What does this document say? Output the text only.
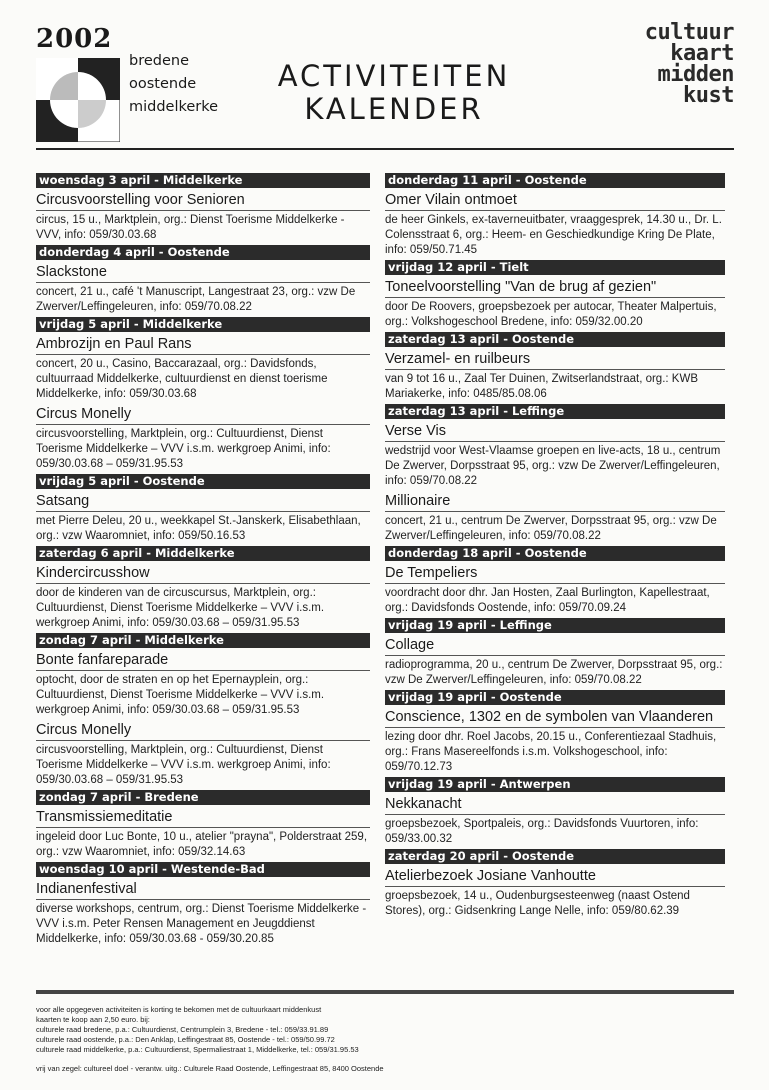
2002
bredene
oostende
middelkerke
ACTIVITEITEN
KALENDER
cultuur
kaart
midden
kust
woensdag 3 april - Middelkerke
Circusvoorstelling voor Senioren
circus, 15 u., Marktplein, org.: Dienst Toerisme Middelkerke - VVV, info: 059/30.03.68
donderdag 4 april - Oostende
Slackstone
concert, 21 u., café 't Manuscript, Langestraat 23, org.: vzw De Zwerver/Leffingeleuren, info: 059/70.08.22
vrijdag 5 april - Middelkerke
Ambrozijn en Paul Rans
concert, 20 u., Casino, Baccarazaal, org.: Davidsfonds, cultuurraad Middelkerke, cultuurdienst en dienst toerisme Middelkerke, info: 059/30.03.68
Circus Monelly
circusvoorstelling, Marktplein, org.: Cultuurdienst, Dienst Toerisme Middelkerke – VVV i.s.m. werkgroep Animi, info: 059/30.03.68 – 059/31.95.53
vrijdag 5 april - Oostende
Satsang
met Pierre Deleu, 20 u., weekkapel St.-Janskerk, Elisabethlaan, org.: vzw Waaromniet, info: 059/50.16.53
zaterdag 6 april - Middelkerke
Kindercircusshow
door de kinderen van de circuscursus, Marktplein, org.: Cultuurdienst, Dienst Toerisme Middelkerke – VVV i.s.m. werkgroep Animi, info: 059/30.03.68 – 059/31.95.53
zondag 7 april - Middelkerke
Bonte fanfareparade
optocht, door de straten en op het Epernayplein, org.: Cultuurdienst, Dienst Toerisme Middelkerke – VVV i.s.m. werkgroep Animi, info: 059/30.03.68 – 059/31.95.53
Circus Monelly
circusvoorstelling, Marktplein, org.: Cultuurdienst, Dienst Toerisme Middelkerke – VVV i.s.m. werkgroep Animi, info: 059/30.03.68 – 059/31.95.53
zondag 7 april - Bredene
Transmissiemeditatie
ingeleid door Luc Bonte, 10 u., atelier "prayna", Polderstraat 259, org.: vzw Waaromniet, info: 059/32.14.63
woensdag 10 april - Westende-Bad
Indianenfestival
diverse workshops, centrum, org.: Dienst Toerisme Middelkerke - VVV i.s.m. Peter Rensen Management en Jeugddienst Middelkerke, info: 059/30.03.68 - 059/30.20.85
donderdag 11 april - Oostende
Omer Vilain ontmoet
de heer Ginkels, ex-taverneuitbater, vraaggesprek, 14.30 u., Dr. L. Colensstraat 6, org.: Heem- en Geschiedkundige Kring De Plate, info: 059/50.71.45
vrijdag 12 april - Tielt
Toneelvoorstelling "Van de brug af gezien"
door De Roovers, groepsbezoek per autocar, Theater Malpertuis, org.: Volkshogeschool Bredene, info: 059/32.00.20
zaterdag 13 april - Oostende
Verzamel- en ruilbeurs
van 9 tot 16 u., Zaal Ter Duinen, Zwitserlandstraat, org.: KWB Mariakerke, info: 0485/85.08.06
zaterdag 13 april - Leffinge
Verse Vis
wedstrijd voor West-Vlaamse groepen en live-acts, 18 u., centrum De Zwerver, Dorpsstraat 95, org.: vzw De Zwerver/Leffingeleuren, info: 059/70.08.22
Millionaire
concert, 21 u., centrum De Zwerver, Dorpsstraat 95, org.: vzw De Zwerver/Leffingeleuren, info: 059/70.08.22
donderdag 18 april - Oostende
De Tempeliers
voordracht door dhr. Jan Hosten, Zaal Burlington, Kapellestraat, org.: Davidsfonds Oostende, info: 059/70.09.24
vrijdag 19 april - Leffinge
Collage
radioprogramma, 20 u., centrum De Zwerver, Dorpsstraat 95, org.: vzw De Zwerver/Leffingeleuren, info: 059/70.08.22
vrijdag 19 april - Oostende
Conscience, 1302 en de symbolen van Vlaanderen
lezing door dhr. Roel Jacobs, 20.15 u., Conferentiezaal Stadhuis, org.: Frans Masereelfonds i.s.m. Volkshogeschool, info: 059/70.12.73
vrijdag 19 april - Antwerpen
Nekkanacht
groepsbezoek, Sportpaleis, org.: Davidsfonds Vuurtoren, info: 059/33.00.32
zaterdag 20 april - Oostende
Atelierbezoek Josiane Vanhoutte
groepsbezoek, 14 u., Oudenburgsesteenweg (naast Ostend Stores), org.: Gidsenkring Lange Nelle, info: 059/80.62.39
voor alle opgegeven activiteiten is korting te bekomen met de cultuurkaart middenkust
kaarten te koop aan 2,50 euro. bij:
culturele raad bredene, p.a.: Cultuurdienst, Centrumplein 3, Bredene - tel.: 059/33.91.89
culturele raad oostende, p.a.: Den Anklap, Leffingestraat 85, Oostende - tel.: 059/50.99.72
culturele raad middelkerke, p.a.: Cultuurdienst, Spermaliestraat 1, Middelkerke, tel.: 059/31.95.53
vrij van zegel: cultureel doel - verantw. uitg.: Culturele Raad Oostende, Leffingestraat 85, 8400 Oostende
